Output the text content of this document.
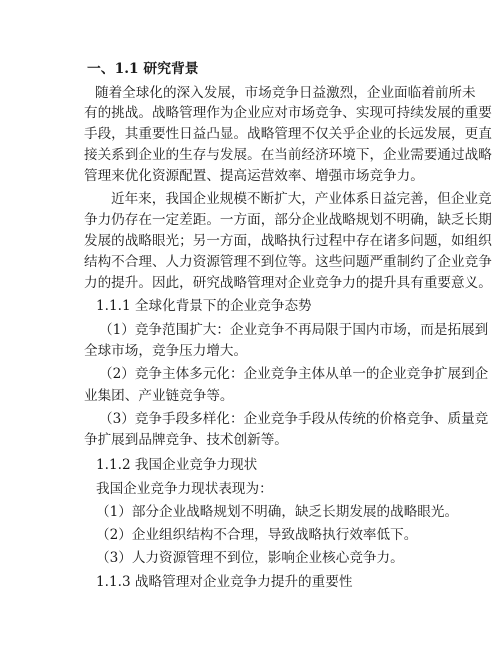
一、1.1 研究背景
随着全球化的深入发展，市场竞争日益激烈，企业面临着前所未
有的挑战。战略管理作为企业应对市场竞争、实现可持续发展的重要
手段，其重要性日益凸显。战略管理不仅关乎企业的长远发展，更直
接关系到企业的生存与发展。在当前经济环境下，企业需要通过战略
管理来优化资源配置、提高运营效率、增强市场竞争力。
近年来，我国企业规模不断扩大，产业体系日益完善，但企业竞
争力仍存在一定差距。一方面，部分企业战略规划不明确，缺乏长期
发展的战略眼光；另一方面，战略执行过程中存在诸多问题，如组织
结构不合理、人力资源管理不到位等。这些问题严重制约了企业竞争
力的提升。因此，研究战略管理对企业竞争力的提升具有重要意义。
1.1.1 全球化背景下的企业竞争态势
（1）竞争范围扩大：企业竞争不再局限于国内市场，而是拓展到
全球市场，竞争压力增大。
（2）竞争主体多元化：企业竞争主体从单一的企业竞争扩展到企
业集团、产业链竞争等。
（3）竞争手段多样化：企业竞争手段从传统的价格竞争、质量竞
争扩展到品牌竞争、技术创新等。
1.1.2 我国企业竞争力现状
我国企业竞争力现状表现为：
（1）部分企业战略规划不明确，缺乏长期发展的战略眼光。
（2）企业组织结构不合理，导致战略执行效率低下。
（3）人力资源管理不到位，影响企业核心竞争力。
1.1.3 战略管理对企业竞争力提升的重要性
